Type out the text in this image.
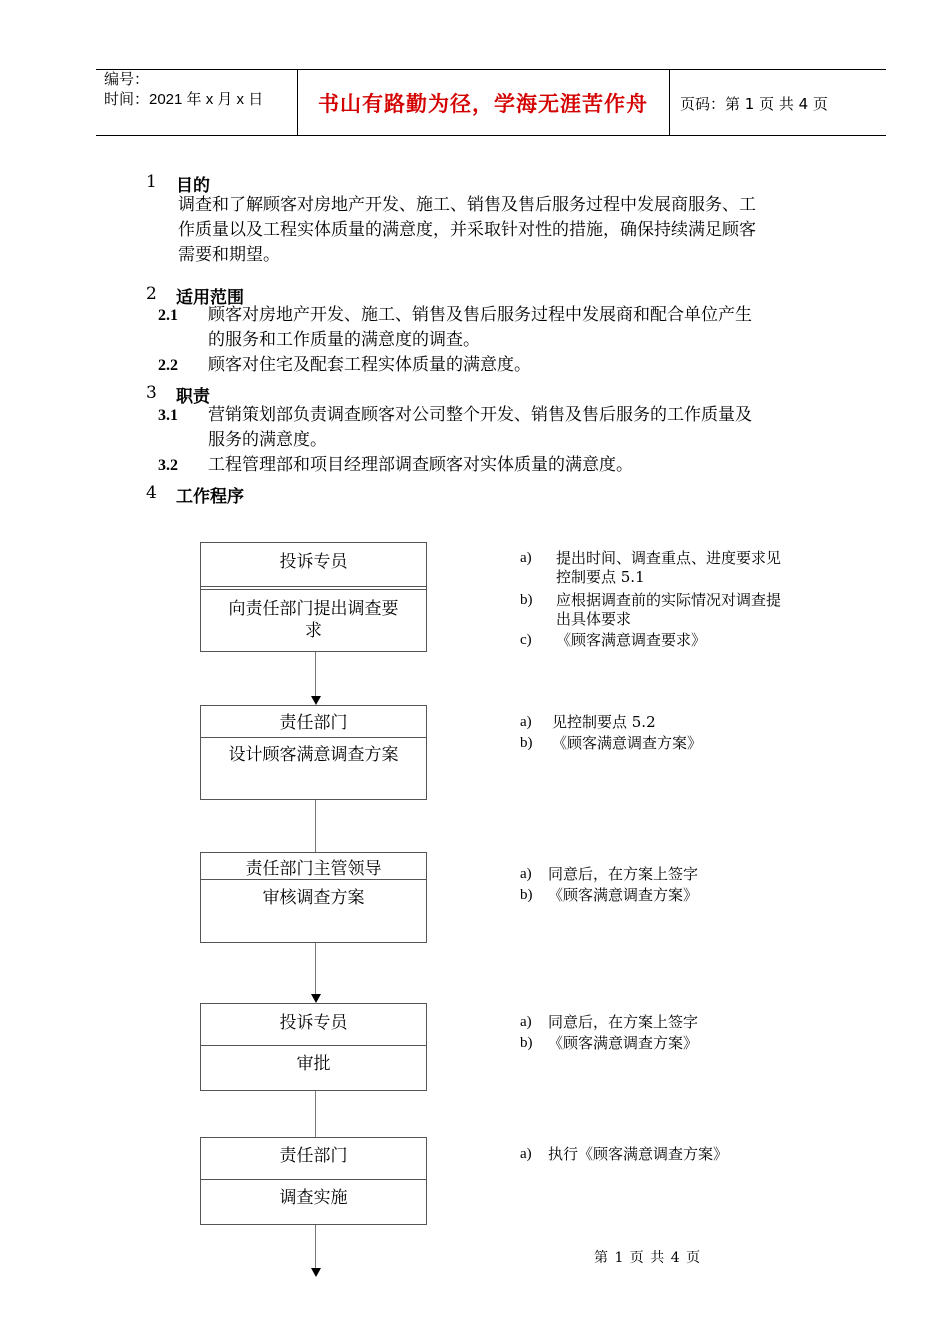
编号：
时间：2021 年 x 月 x 日	书山有路勤为径，学海无涯苦作舟	页码：第 1 页 共 4 页
1 目的
调查和了解顾客对房地产开发、施工、销售及售后服务过程中发展商服务、工
作质量以及工程实体质量的满意度，并采取针对性的措施，确保持续满足顾客
需要和期望。
2 适用范围
2.1 顾客对房地产开发、施工、销售及售后服务过程中发展商和配合单位产生
的服务和工作质量的满意度的调查。
2.2 顾客对住宅及配套工程实体质量的满意度。
3 职责
3.1 营销策划部负责调查顾客对公司整个开发、销售及售后服务的工作质量及
服务的满意度。
3.2 工程管理部和项目经理部调查顾客对实体质量的满意度。
4 工作程序
投诉专员
向责任部门提出调查要
求
责任部门
设计顾客满意调查方案
责任部门主管领导
审核调查方案
投诉专员
审批
责任部门
调查实施
a) 提出时间、调查重点、进度要求见
控制要点 5.1
b) 应根据调查前的实际情况对调查提
出具体要求
c) 《顾客满意调查要求》
a) 见控制要点 5.2
b) 《顾客满意调查方案》
a) 同意后，在方案上签字
b) 《顾客满意调查方案》
a) 同意后，在方案上签字
b) 《顾客满意调查方案》
a) 执行《顾客满意调查方案》
第 1 页 共 4 页
